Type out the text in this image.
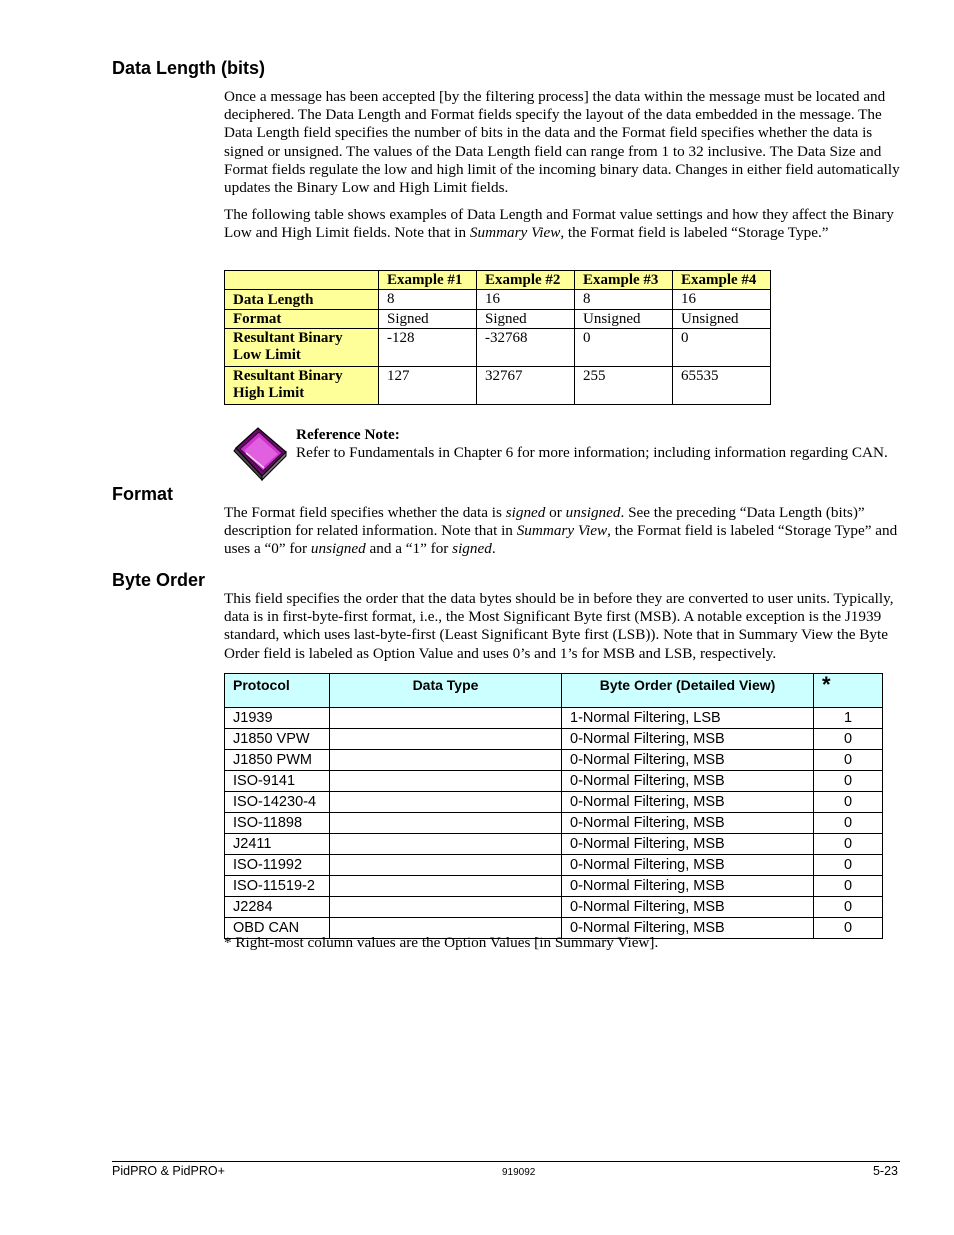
Data Length (bits)

Once a message has been accepted [by the filtering process] the data within the message must be located and deciphered. The Data Length and Format fields specify the layout of the data embedded in the message. The Data Length field specifies the number of bits in the data and the Format field specifies whether the data is signed or unsigned. The values of the Data Length field can range from 1 to 32 inclusive. The Data Size and Format fields regulate the low and high limit of the incoming binary data. Changes in either field automatically updates the Binary Low and High Limit fields.

The following table shows examples of Data Length and Format value settings and how they affect the Binary Low and High Limit fields. Note that in Summary View, the Format field is labeled “Storage Type.”

	Example #1	Example #2	Example #3	Example #4
Data Length	8	16	8	16
Format	Signed	Signed	Unsigned	Unsigned
Resultant Binary Low Limit	-128	-32768	0	0
Resultant Binary High Limit	127	32767	255	65535
Reference Note:
Refer to Fundamentals in Chapter 6 for more information; including information regarding CAN.
Format

The Format field specifies whether the data is signed or unsigned. See the preceding “Data Length (bits)” description for related information. Note that in Summary View, the Format field is labeled “Storage Type” and uses a “0” for unsigned and a “1” for signed.

Byte Order

This field specifies the order that the data bytes should be in before they are converted to user units. Typically, data is in first-byte-first format, i.e., the Most Significant Byte first (MSB). A notable exception is the J1939 standard, which uses last-byte-first (Least Significant Byte first (LSB)). Note that in Summary View the Byte Order field is labeled as Option Value and uses 0’s and 1’s for MSB and LSB, respectively.

Protocol	Data Type	Byte Order (Detailed View)	*
J1939		1-Normal Filtering, LSB	1
J1850 VPW		0-Normal Filtering, MSB	0
J1850 PWM		0-Normal Filtering, MSB	0
ISO-9141		0-Normal Filtering, MSB	0
ISO-14230-4		0-Normal Filtering, MSB	0
ISO-11898		0-Normal Filtering, MSB	0
J2411		0-Normal Filtering, MSB	0
ISO-11992		0-Normal Filtering, MSB	0
ISO-11519-2		0-Normal Filtering, MSB	0
J2284		0-Normal Filtering, MSB	0
OBD CAN		0-Normal Filtering, MSB	0
* Right-most column values are the Option Values [in Summary View].
PidPRO & PidPRO+	919092	5-23
